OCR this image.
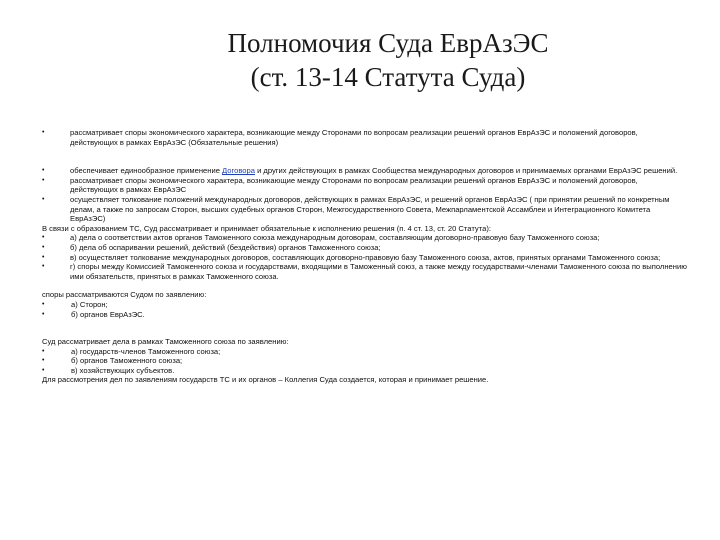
Полномочия Суда ЕврАзЭС
(ст. 13-14 Статута Суда)
•	рассматривает споры экономического характера, возникающие между Сторонами по вопросам реализации решений органов ЕврАзЭС и положений договоров, действующих в рамках ЕврАзЭС (Обязательные решения)
•	обеспечивает единообразное применение Договора и других действующих в рамках Сообщества международных договоров и принимаемых органами ЕврАзЭС решений.
•	рассматривает споры экономического характера, возникающие между Сторонами по вопросам реализации решений органов ЕврАзЭС и положений договоров, действующих в рамках ЕврАзЭС
•	осуществляет толкование положений международных договоров, действующих в рамках ЕврАзЭС, и решений органов ЕврАзЭС ( при принятии решений по конкретным делам, а также по запросам Сторон, высших судебных органов Сторон, Межгосударственного Совета, Межпарламентской Ассамблеи и Интеграционного Комитета ЕврАзЭС)
В связи с образованием ТС, Суд рассматривает и принимает обязательные к исполнению решения (п. 4 ст. 13, ст. 20 Статута):
•	а) дела о соответствии актов органов Таможенного союза международным договорам, составляющим договорно-правовую базу Таможенного союза;
•	б) дела об оспаривании решений, действий (бездействия) органов Таможенного союза;
•	в) осуществляет толкование международных договоров, составляющих договорно-правовую базу Таможенного союза, актов, принятых органами Таможенного союза;
•	г) споры между Комиссией Таможенного союза и государствами, входящими в Таможенный союз, а также между государствами-членами Таможенного союза по выполнению ими обязательств, принятых в рамках Таможенного союза.
споры рассматриваются Судом по заявлению:
•	а) Сторон;
•	б) органов ЕврАзЭС.
Суд рассматривает дела в рамках Таможенного союза по заявлению:
•	а) государств-членов Таможенного союза;
•	б) органов Таможенного союза;
•	в) хозяйствующих субъектов.
Для рассмотрения дел по заявлениям государств ТС и их органов – Коллегия Суда создается, которая и принимает решение.
